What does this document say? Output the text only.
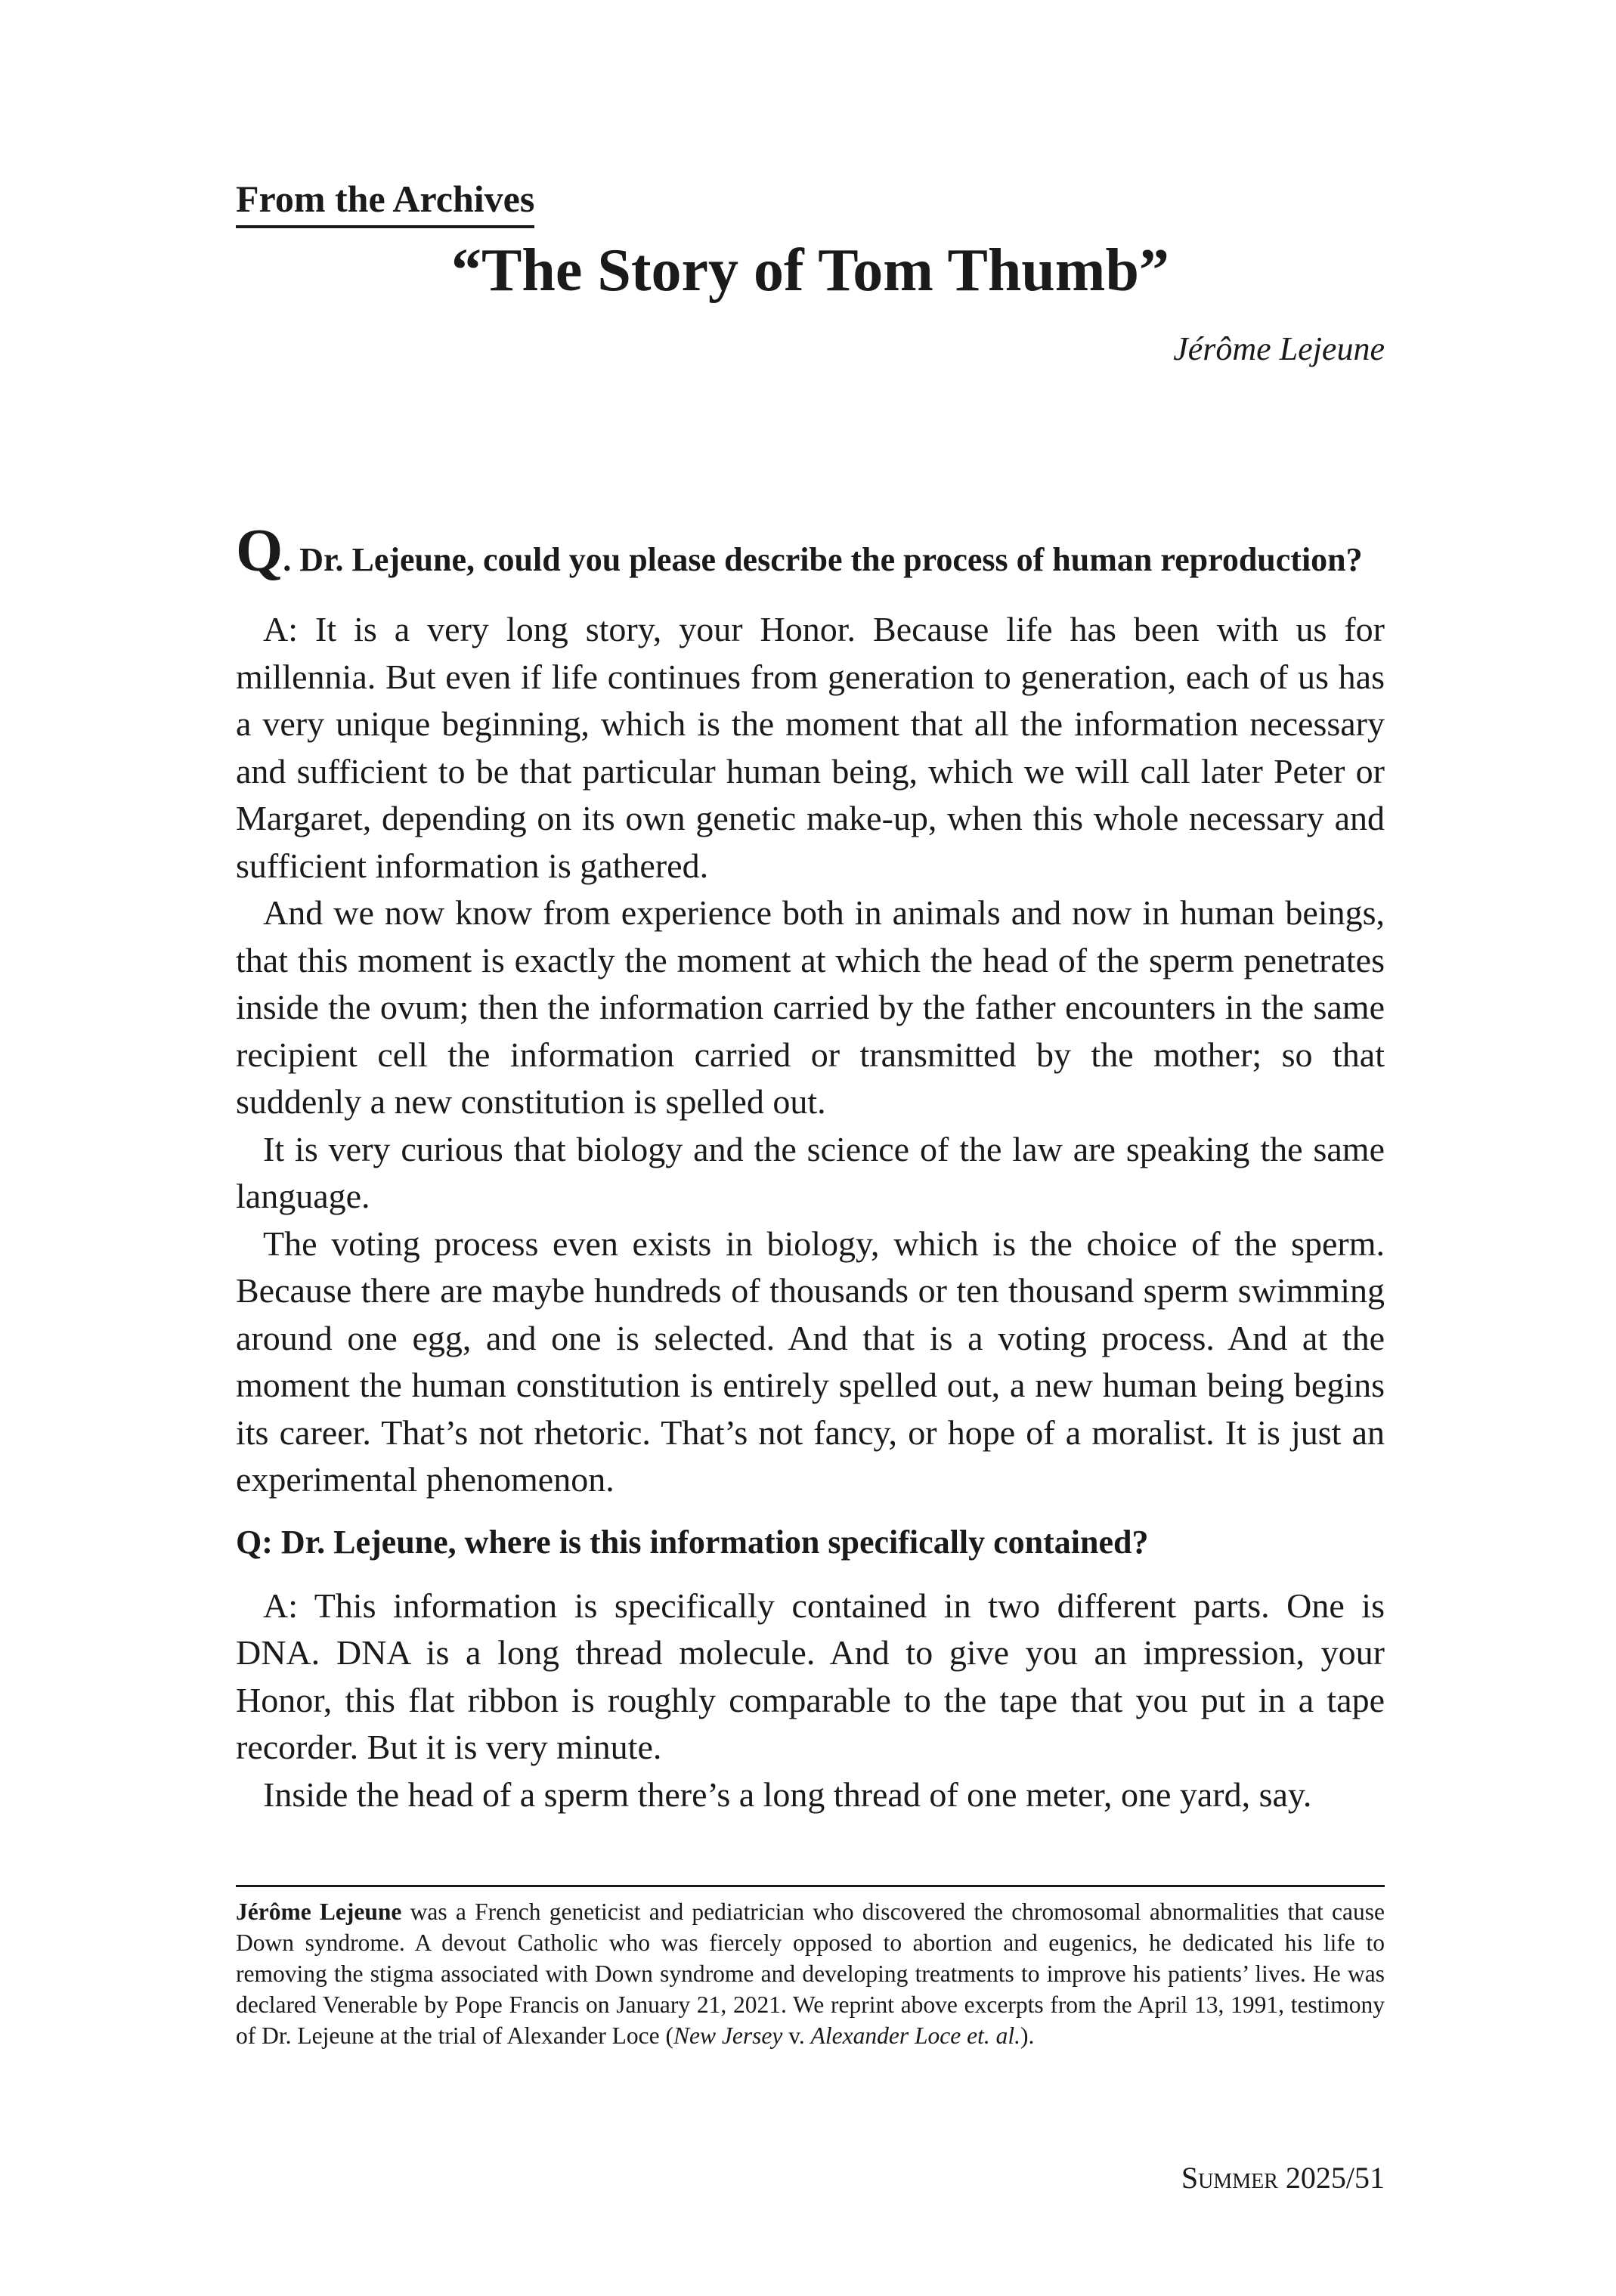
From the Archives
“The Story of Tom Thumb”
Jérôme Lejeune

Q. Dr. Lejeune, could you please describe the process of human reproduction?

A: It is a very long story, your Honor. Because life has been with us for millennia. But even if life continues from generation to generation, each of us has a very unique beginning, which is the moment that all the information necessary and sufficient to be that particular human being, which we will call later Peter or Margaret, depending on its own genetic make-up, when this whole necessary and sufficient information is gathered.

And we now know from experience both in animals and now in human beings, that this moment is exactly the moment at which the head of the sperm penetrates inside the ovum; then the information carried by the father encounters in the same recipient cell the information carried or transmitted by the mother; so that suddenly a new constitution is spelled out.

It is very curious that biology and the science of the law are speaking the same language.

The voting process even exists in biology, which is the choice of the sperm. Because there are maybe hundreds of thousands or ten thousand sperm swimming around one egg, and one is selected. And that is a voting process. And at the moment the human constitution is entirely spelled out, a new human being begins its career. That’s not rhetoric. That’s not fancy, or hope of a moralist. It is just an experimental phenomenon.

Q: Dr. Lejeune, where is this information specifically contained?

A: This information is specifically contained in two different parts. One is DNA. DNA is a long thread molecule. And to give you an impression, your Honor, this flat ribbon is roughly comparable to the tape that you put in a tape recorder. But it is very minute.

Inside the head of a sperm there’s a long thread of one meter, one yard, say.

Jérôme Lejeune was a French geneticist and pediatrician who discovered the chromosomal abnormalities that cause Down syndrome. A devout Catholic who was fiercely opposed to abortion and eugenics, he dedicated his life to removing the stigma associated with Down syndrome and developing treatments to improve his patients’ lives. He was declared Venerable by Pope Francis on January 21, 2021. We reprint above excerpts from the April 13, 1991, testimony of Dr. Lejeune at the trial of Alexander Loce (New Jersey v. Alexander Loce et. al.).
Summer 2025/51
